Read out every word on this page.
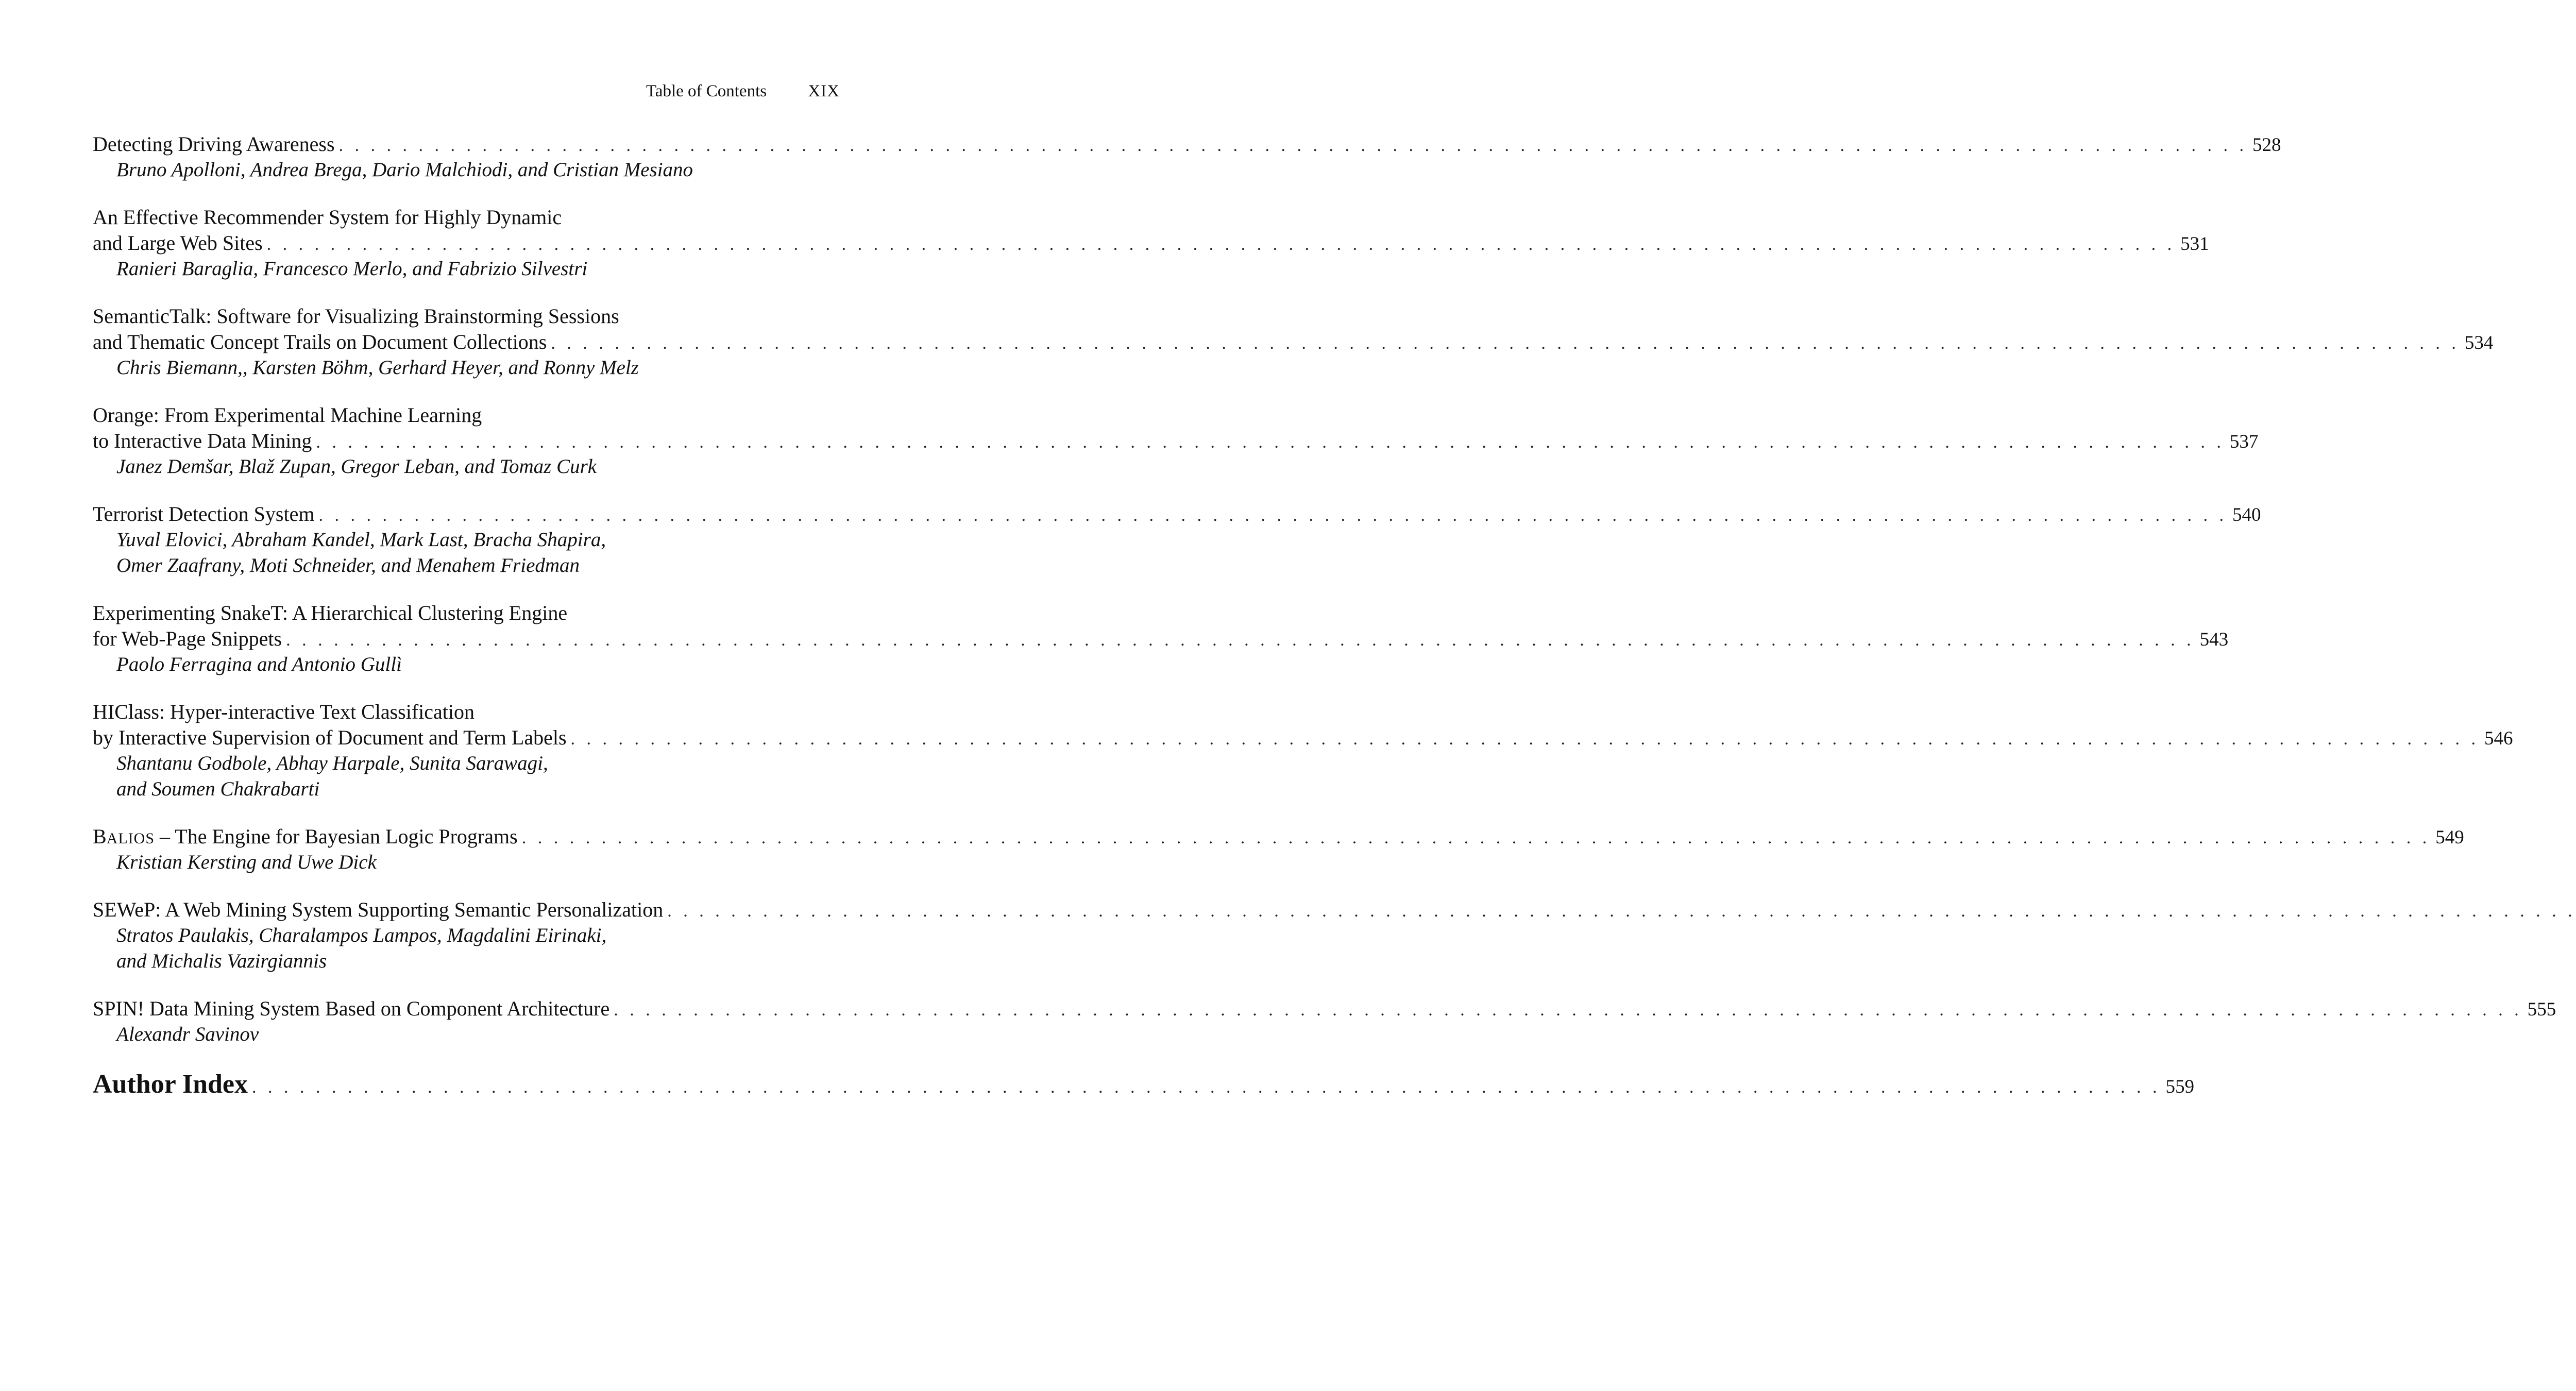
Table of Contents XIX
Detecting Driving Awareness . . . . . . . . . . . . . . . . . . . . . . . . . . . . . . . . . . . . . . . . . . . . . . . . . . . . . . . . . . . . . . . . . . . . . . . . . . . . . . . . . . . . . . . . . . . . . . . . . . . . . . . . . . . . . . . . . . . . . . . . 528
Bruno Apolloni, Andrea Brega, Dario Malchiodi, and Cristian Mesiano
An Effective Recommender System for Highly Dynamic
and Large Web Sites . . . . . . . . . . . . . . . . . . . . . . . . . . . . . . . . . . . . . . . . . . . . . . . . . . . . . . . . . . . . . . . . . . . . . . . . . . . . . . . . . . . . . . . . . . . . . . . . . . . . . . . . . . . . . . . . . . . . . . . . 531
Ranieri Baraglia, Francesco Merlo, and Fabrizio Silvestri
SemanticTalk: Software for Visualizing Brainstorming Sessions
and Thematic Concept Trails on Document Collections . . . . . . . . . . . . . . . . . . . . . . . . . . . . . . . . . . . . . . . . . . . . . . . . . . . . . . . . . . . . . . . . . . . . . . . . . . . . . . . . . . . . . . . . . . . . . . . . . . . . . . . . . . . . . . . . . . . . . . . . 534
Chris Biemann,, Karsten Böhm, Gerhard Heyer, and Ronny Melz
Orange: From Experimental Machine Learning
to Interactive Data Mining . . . . . . . . . . . . . . . . . . . . . . . . . . . . . . . . . . . . . . . . . . . . . . . . . . . . . . . . . . . . . . . . . . . . . . . . . . . . . . . . . . . . . . . . . . . . . . . . . . . . . . . . . . . . . . . . . . . . . . . . 537
Janez Demšar, Blaž Zupan, Gregor Leban, and Tomaz Curk
Terrorist Detection System . . . . . . . . . . . . . . . . . . . . . . . . . . . . . . . . . . . . . . . . . . . . . . . . . . . . . . . . . . . . . . . . . . . . . . . . . . . . . . . . . . . . . . . . . . . . . . . . . . . . . . . . . . . . . . . . . . . . . . . . 540
Yuval Elovici, Abraham Kandel, Mark Last, Bracha Shapira,
Omer Zaafrany, Moti Schneider, and Menahem Friedman
Experimenting SnakeT: A Hierarchical Clustering Engine
for Web-Page Snippets . . . . . . . . . . . . . . . . . . . . . . . . . . . . . . . . . . . . . . . . . . . . . . . . . . . . . . . . . . . . . . . . . . . . . . . . . . . . . . . . . . . . . . . . . . . . . . . . . . . . . . . . . . . . . . . . . . . . . . . . 543
Paolo Ferragina and Antonio Gullì
HIClass: Hyper-interactive Text Classification
by Interactive Supervision of Document and Term Labels . . . . . . . . . . . . . . . . . . . . . . . . . . . . . . . . . . . . . . . . . . . . . . . . . . . . . . . . . . . . . . . . . . . . . . . . . . . . . . . . . . . . . . . . . . . . . . . . . . . . . . . . . . . . . . . . . . . . . . . . 546
Shantanu Godbole, Abhay Harpale, Sunita Sarawagi,
and Soumen Chakrabarti
BALIOS – The Engine for Bayesian Logic Programs . . . . . . . . . . . . . . . . . . . . . . . . . . . . . . . . . . . . . . . . . . . . . . . . . . . . . . . . . . . . . . . . . . . . . . . . . . . . . . . . . . . . . . . . . . . . . . . . . . . . . . . . . . . . . . . . . . . . . . . . 549
Kristian Kersting and Uwe Dick
SEWeP: A Web Mining System Supporting Semantic Personalization . . . . . . . . . . . . . . . . . . . . . . . . . . . . . . . . . . . . . . . . . . . . . . . . . . . . . . . . . . . . . . . . . . . . . . . . . . . . . . . . . . . . . . . . . . . . . . . . . . . . . . . . . . . . . . . . . . . . . . . .
Stratos Paulakis, Charalampos Lampos, Magdalini Eirinaki,
and Michalis Vazirgiannis
SPIN! Data Mining System Based on Component Architecture . . . . . . . . . . . . . . . . . . . . . . . . . . . . . . . . . . . . . . . . . . . . . . . . . . . . . . . . . . . . . . . . . . . . . . . . . . . . . . . . . . . . . . . . . . . . . . . . . . . . . . . . . . . . . . . . . . . . . . . . 555
Alexandr Savinov
Author Index . . . . . . . . . . . . . . . . . . . . . . . . . . . . . . . . . . . . . . . . . . . . . . . . . . . . . . . . . . . . . . . . . . . . . . . . . . . . . . . . . . . . . . . . . . . . . . . . . . . . . . . . . . . . . . . . . . . . . . . . 559
